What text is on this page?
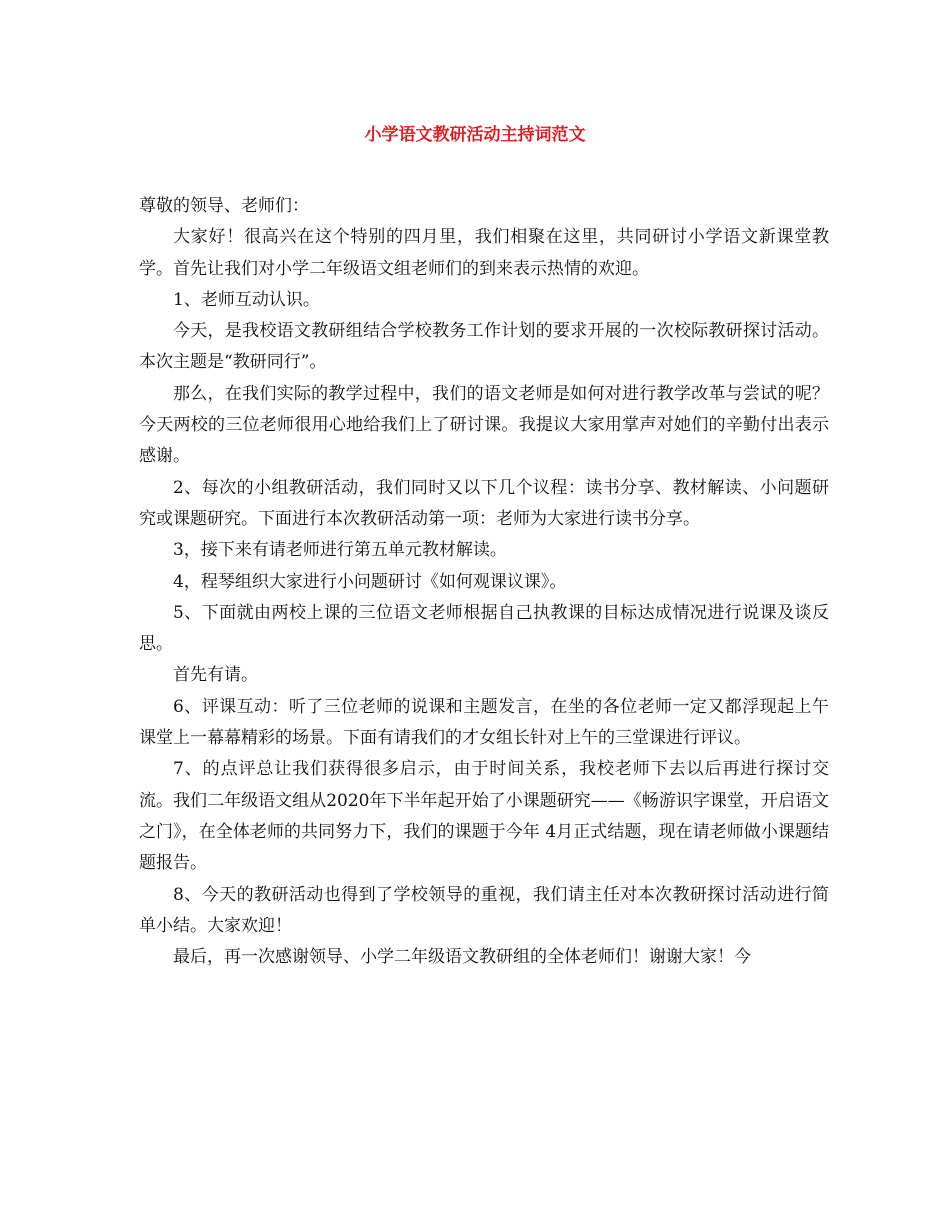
小学语文教研活动主持词范文

尊敬的领导、老师们：

大家好！很高兴在这个特别的四月里，我们相聚在这里，共同研讨小学语文新课堂教学。首先让我们对小学二年级语文组老师们的到来表示热情的欢迎。

1、老师互动认识。

今天，是我校语文教研组结合学校教务工作计划的要求开展的一次校际教研探讨活动。本次主题是“教研同行”。

那么，在我们实际的教学过程中，我们的语文老师是如何对进行教学改革与尝试的呢？今天两校的三位老师很用心地给我们上了研讨课。我提议大家用掌声对她们的辛勤付出表示感谢。

2、每次的小组教研活动，我们同时又以下几个议程：读书分享、教材解读、小问题研究或课题研究。下面进行本次教研活动第一项：老师为大家进行读书分享。

3，接下来有请老师进行第五单元教材解读。

4，程琴组织大家进行小问题研讨《如何观课议课》。

5、下面就由两校上课的三位语文老师根据自己执教课的目标达成情况进行说课及谈反思。

首先有请。

6、评课互动：听了三位老师的说课和主题发言，在坐的各位老师一定又都浮现起上午课堂上一幕幕精彩的场景。下面有请我们的才女组长针对上午的三堂课进行评议。

7、的点评总让我们获得很多启示，由于时间关系，我校老师下去以后再进行探讨交流。我们二年级语文组从2020年下半年起开始了小课题研究——《畅游识字课堂，开启语文之门》，在全体老师的共同努力下，我们的课题于今年 4月正式结题，现在请老师做小课题结题报告。

8、今天的教研活动也得到了学校领导的重视，我们请主任对本次教研探讨活动进行简单小结。大家欢迎！

最后，再一次感谢领导、小学二年级语文教研组的全体老师们！谢谢大家！今
